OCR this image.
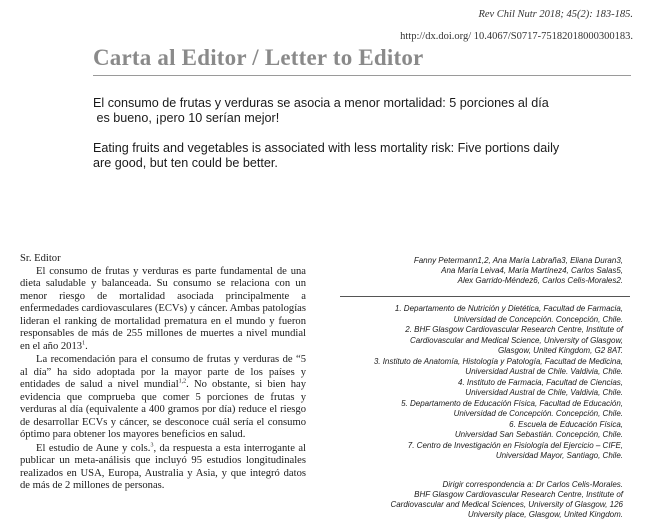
Rev Chil Nutr 2018; 45(2): 183-185.
http://dx.doi.org/ 10.4067/S0717-75182018000300183.
Carta al Editor / Letter to Editor
El consumo de frutas y verduras se asocia a menor mortalidad: 5 porciones al día
es bueno, ¡pero 10 serían mejor!
Eating fruits and vegetables is associated with less mortality risk: Five portions daily
are good, but ten could be better.

Sr. Editor

El consumo de frutas y verduras es parte fundamental de una dieta saludable y balanceada. Su consumo se relaciona con un menor riesgo de mortalidad asociada principalmente a enfermedades cardiovasculares (ECVs) y cáncer. Ambas patologías lideran el ranking de mortalidad prematura en el mundo y fueron responsables de más de 255 millones de muertes a nivel mundial en el año 2013$^1$.

La recomendación para el consumo de frutas y verduras de “5 al día” ha sido adoptada por la mayor parte de los países y entidades de salud a nivel mundial$^{1,2}$. No obstante, si bien hay evidencia que comprueba que comer 5 porciones de frutas y verduras al día (equivalente a 400 gramos por día) reduce el riesgo de desarrollar ECVs y cáncer, se desconoce cuál sería el consumo óptimo para obtener los mayores beneficios en salud.

El estudio de Aune y cols.$^3$, da respuesta a esta interrogante al publicar un meta-análisis que incluyó 95 estudios longitudinales realizados en USA, Europa, Australia y Asia, y que integró datos de más de 2 millones de personas.

Fanny Petermann1,2, Ana María Labraña3, Eliana Duran3,
Ana María Leiva4, María Martínez4, Carlos Salas5,
Alex Garrido-Méndez6, Carlos Celis-Morales2.
1. Departamento de Nutrición y Dietética, Facultad de Farmacia,
Universidad de Concepción. Concepción, Chile.
2. BHF Glasgow Cardiovascular Research Centre, Institute of
Cardiovascular and Medical Science, University of Glasgow,
Glasgow, United Kingdom, G2 8AT.
3. Instituto de Anatomía, Histología y Patología, Facultad de Medicina,
Universidad Austral de Chile. Valdivia, Chile.
4. Instituto de Farmacia, Facultad de Ciencias,
Universidad Austral de Chile, Valdivia, Chile.
5. Departamento de Educación Física, Facultad de Educación,
Universidad de Concepción. Concepción, Chile.
6. Escuela de Educación Física,
Universidad San Sebastián. Concepción, Chile.
7. Centro de Investigación en Fisiología del Ejercicio – CIFE,
Universidad Mayor, Santiago, Chile.
Dirigir correspondencia a: Dr Carlos Celis-Morales.
BHF Glasgow Cardiovascular Research Centre, Institute of
Cardiovascular and Medical Sciences, University of Glasgow, 126
University place, Glasgow, United Kingdom.
